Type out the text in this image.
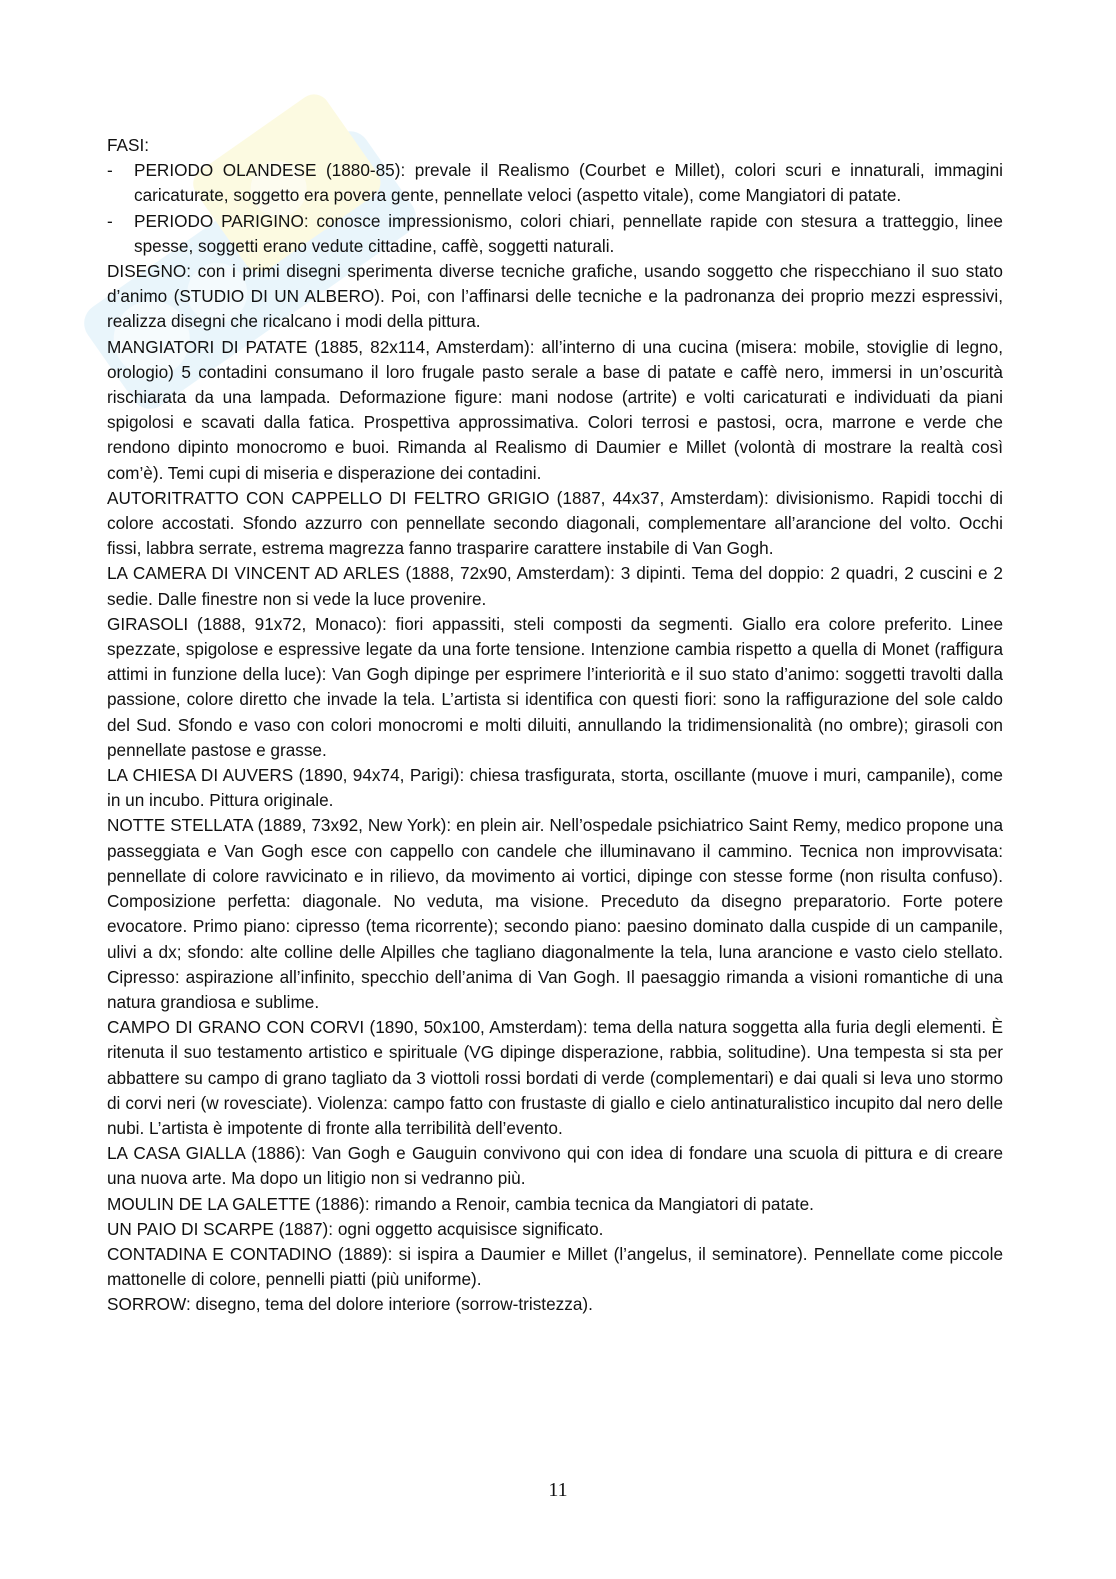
FASI:

- PERIODO OLANDESE (1880-85): prevale il Realismo (Courbet e Millet), colori scuri e innaturali, immagini caricaturate, soggetto era povera gente, pennellate veloci (aspetto vitale), come Mangiatori di patate.
- PERIODO PARIGINO: conosce impressionismo, colori chiari, pennellate rapide con stesura a tratteggio, linee spesse, soggetti erano vedute cittadine, caffè, soggetti naturali.

DISEGNO: con i primi disegni sperimenta diverse tecniche grafiche, usando soggetto che rispecchiano il suo stato d’animo (STUDIO DI UN ALBERO). Poi, con l’affinarsi delle tecniche e la padronanza dei proprio mezzi espressivi, realizza disegni che ricalcano i modi della pittura.

MANGIATORI DI PATATE (1885, 82x114, Amsterdam): all’interno di una cucina (misera: mobile, stoviglie di legno, orologio) 5 contadini consumano il loro frugale pasto serale a base di patate e caffè nero, immersi in un’oscurità rischiarata da una lampada. Deformazione figure: mani nodose (artrite) e volti caricaturati e individuati da piani spigolosi e scavati dalla fatica. Prospettiva approssimativa. Colori terrosi e pastosi, ocra, marrone e verde che rendono dipinto monocromo e buoi. Rimanda al Realismo di Daumier e Millet (volontà di mostrare la realtà così com’è). Temi cupi di miseria e disperazione dei contadini.

AUTORITRATTO CON CAPPELLO DI FELTRO GRIGIO (1887, 44x37, Amsterdam): divisionismo. Rapidi tocchi di colore accostati. Sfondo azzurro con pennellate secondo diagonali, complementare all’arancione del volto. Occhi fissi, labbra serrate, estrema magrezza fanno trasparire carattere instabile di Van Gogh.

LA CAMERA DI VINCENT AD ARLES (1888, 72x90, Amsterdam): 3 dipinti. Tema del doppio: 2 quadri, 2 cuscini e 2 sedie. Dalle finestre non si vede la luce provenire.

GIRASOLI (1888, 91x72, Monaco): fiori appassiti, steli composti da segmenti. Giallo era colore preferito. Linee spezzate, spigolose e espressive legate da una forte tensione. Intenzione cambia rispetto a quella di Monet (raffigura attimi in funzione della luce): Van Gogh dipinge per esprimere l’interiorità e il suo stato d’animo: soggetti travolti dalla passione, colore diretto che invade la tela. L’artista si identifica con questi fiori: sono la raffigurazione del sole caldo del Sud. Sfondo e vaso con colori monocromi e molti diluiti, annullando la tridimensionalità (no ombre); girasoli con pennellate pastose e grasse.

LA CHIESA DI AUVERS (1890, 94x74, Parigi): chiesa trasfigurata, storta, oscillante (muove i muri, campanile), come in un incubo. Pittura originale.

NOTTE STELLATA (1889, 73x92, New York): en plein air. Nell’ospedale psichiatrico Saint Remy, medico propone una passeggiata e Van Gogh esce con cappello con candele che illuminavano il cammino. Tecnica non improvvisata: pennellate di colore ravvicinato e in rilievo, da movimento ai vortici, dipinge con stesse forme (non risulta confuso). Composizione perfetta: diagonale. No veduta, ma visione. Preceduto da disegno preparatorio. Forte potere evocatore. Primo piano: cipresso (tema ricorrente); secondo piano: paesino dominato dalla cuspide di un campanile, ulivi a dx; sfondo: alte colline delle Alpilles che tagliano diagonalmente la tela, luna arancione e vasto cielo stellato. Cipresso: aspirazione all’infinito, specchio dell’anima di Van Gogh. Il paesaggio rimanda a visioni romantiche di una natura grandiosa e sublime.

CAMPO DI GRANO CON CORVI (1890, 50x100, Amsterdam): tema della natura soggetta alla furia degli elementi. È ritenuta il suo testamento artistico e spirituale (VG dipinge disperazione, rabbia, solitudine). Una tempesta si sta per abbattere su campo di grano tagliato da 3 viottoli rossi bordati di verde (complementari) e dai quali si leva uno stormo di corvi neri (w rovesciate). Violenza: campo fatto con frustaste di giallo e cielo antinaturalistico incupito dal nero delle nubi. L’artista è impotente di fronte alla terribilità dell’evento.

LA CASA GIALLA (1886): Van Gogh e Gauguin convivono qui con idea di fondare una scuola di pittura e di creare una nuova arte. Ma dopo un litigio non si vedranno più.

MOULIN DE LA GALETTE (1886): rimando a Renoir, cambia tecnica da Mangiatori di patate.

UN PAIO DI SCARPE (1887): ogni oggetto acquisisce significato.

CONTADINA E CONTADINO (1889): si ispira a Daumier e Millet (l’angelus, il seminatore). Pennellate come piccole mattonelle di colore, pennelli piatti (più uniforme).

SORROW: disegno, tema del dolore interiore (sorrow-tristezza).

11
